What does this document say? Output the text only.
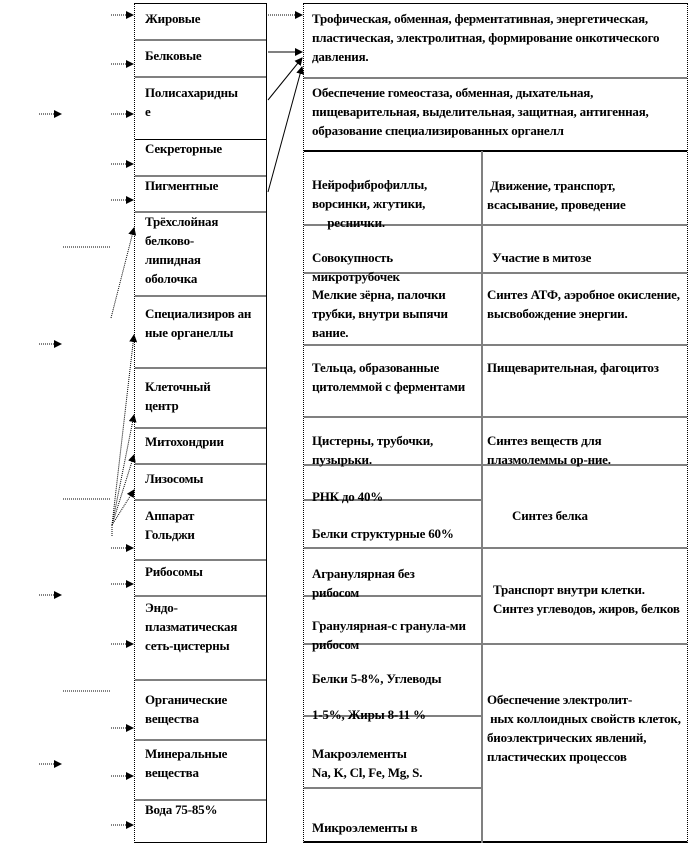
Жировые
Белковые
Полисахаридны
е
Секреторные
Пигментные
Трёхслойная белково-липидная оболочка
Специализиров анные органеллы
Клеточный центр
Митохондрии
Лизосомы
Аппарат Гольджи
Рибосомы
Эндо-плазматическая сеть-цистерны
Органические вещества
Минеральные вещества
Вода 75-85%
Трофическая, обменная, ферментативная, энергетическая, пластическая, электролитная, формирование онкотического давления.
Обеспечение гомеостаза, обменная, дыхательная, пищеварительная, выделительная, защитная, антигенная, образование специализированных органелл
Нейрофиброфиллы, ворсинки, жгутики,
реснички.
Совокупность микротрубочек
Мелкие зёрна, палочки трубки, внутри выпячи вание.
Тельца, образованные цитолеммой с ферментами
Цистерны, трубочки, пузырьки.
РНК до 40%
Белки структурные 60%
Агранулярная без рибосом
Гранулярная-с гранула-ми рибосом
Белки 5-8%, Углеводы

1-5%, Жиры 8-11 %
Макроэлементы
Na, K, Cl, Fe, Mg, S.
Микроэлементы в
Движение, транспорт, всасывание, проведение
Участие в митозе
Синтез АТФ, аэробное окисление, высвобождение энергии.
Пищеварительная, фагоцитоз
Синтез веществ для плазмолеммы ор-ние.
Синтез белка
Транспорт внутри клетки. Синтез углеводов, жиров, белков
Обеспечение электролит-
ных коллоидных свойств клеток, биоэлектрических явлений, пластических процессов
